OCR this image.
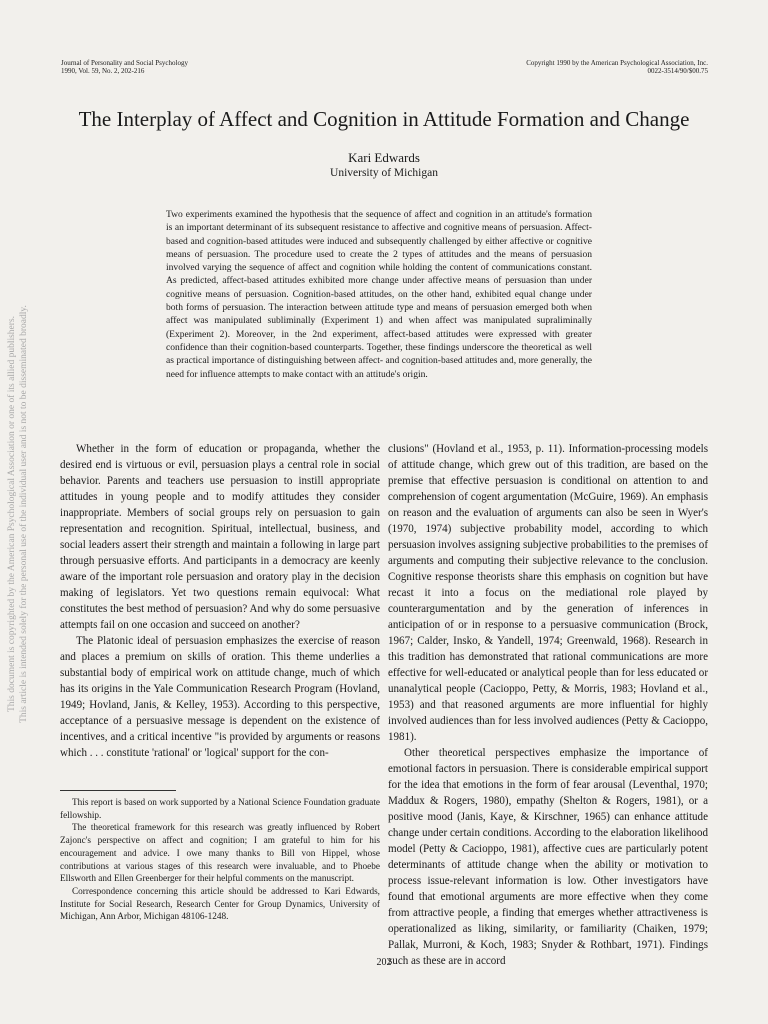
This document is copyrighted by the American Psychological Association or one of its allied publishers. This article is intended solely for the personal use of the individual user and is not to be disseminated broadly.
Journal of Personality and Social Psychology
1990, Vol. 59, No. 2, 202-216
Copyright 1990 by the American Psychological Association, Inc.
0022-3514/90/$00.75
The Interplay of Affect and Cognition in Attitude Formation and Change
Kari Edwards
University of Michigan

Two experiments examined the hypothesis that the sequence of affect and cognition in an attitude's formation is an important determinant of its subsequent resistance to affective and cognitive means of persuasion. Affect-based and cognition-based attitudes were induced and subsequently challenged by either affective or cognitive means of persuasion. The procedure used to create the 2 types of attitudes and the means of persuasion involved varying the sequence of affect and cognition while holding the content of communications constant. As predicted, affect-based attitudes exhibited more change under affective means of persuasion than under cognitive means of persuasion. Cognition-based attitudes, on the other hand, exhibited equal change under both forms of persuasion. The interaction between attitude type and means of persuasion emerged both when affect was manipulated subliminally (Experiment 1) and when affect was manipulated supraliminally (Experiment 2). Moreover, in the 2nd experiment, affect-based attitudes were expressed with greater confidence than their cognition-based counterparts. Together, these findings underscore the theoretical as well as practical importance of distinguishing between affect- and cognition-based attitudes and, more generally, the need for influence attempts to make contact with an attitude's origin.

Whether in the form of education or propaganda, whether the desired end is virtuous or evil, persuasion plays a central role in social behavior. Parents and teachers use persuasion to instill appropriate attitudes in young people and to modify attitudes they consider inappropriate. Members of social groups rely on persuasion to gain representation and recognition. Spiritual, intellectual, business, and social leaders assert their strength and maintain a following in large part through persuasive efforts. And participants in a democracy are keenly aware of the important role persuasion and oratory play in the decision making of legislators. Yet two questions remain equivocal: What constitutes the best method of persuasion? And why do some persuasive attempts fail on one occasion and succeed on another?

The Platonic ideal of persuasion emphasizes the exercise of reason and places a premium on skills of oration. This theme underlies a substantial body of empirical work on attitude change, much of which has its origins in the Yale Communication Research Program (Hovland, 1949; Hovland, Janis, & Kelley, 1953). According to this perspective, acceptance of a persuasive message is dependent on the existence of incentives, and a critical incentive "is provided by arguments or reasons which . . . constitute 'rational' or 'logical' support for the con-

clusions" (Hovland et al., 1953, p. 11). Information-processing models of attitude change, which grew out of this tradition, are based on the premise that effective persuasion is conditional on attention to and comprehension of cogent argumentation (McGuire, 1969). An emphasis on reason and the evaluation of arguments can also be seen in Wyer's (1970, 1974) subjective probability model, according to which persuasion involves assigning subjective probabilities to the premises of arguments and computing their subjective relevance to the conclusion. Cognitive response theorists share this emphasis on cognition but have recast it into a focus on the mediational role played by counterargumentation and by the generation of inferences in anticipation of or in response to a persuasive communication (Brock, 1967; Calder, Insko, & Yandell, 1974; Greenwald, 1968). Research in this tradition has demonstrated that rational communications are more effective for well-educated or analytical people than for less educated or unanalytical people (Cacioppo, Petty, & Morris, 1983; Hovland et al., 1953) and that reasoned arguments are more influential for highly involved audiences than for less involved audiences (Petty & Cacioppo, 1981).

Other theoretical perspectives emphasize the importance of emotional factors in persuasion. There is considerable empirical support for the idea that emotions in the form of fear arousal (Leventhal, 1970; Maddux & Rogers, 1980), empathy (Shelton & Rogers, 1981), or a positive mood (Janis, Kaye, & Kirschner, 1965) can enhance attitude change under certain conditions. According to the elaboration likelihood model (Petty & Cacioppo, 1981), affective cues are particularly potent determinants of attitude change when the ability or motivation to process issue-relevant information is low. Other investigators have found that emotional arguments are more effective when they come from attractive people, a finding that emerges whether attractiveness is operationalized as liking, similarity, or familiarity (Chaiken, 1979; Pallak, Murroni, & Koch, 1983; Snyder & Rothbart, 1971). Findings such as these are in accord

This report is based on work supported by a National Science Foundation graduate fellowship.

The theoretical framework for this research was greatly influenced by Robert Zajonc's perspective on affect and cognition; I am grateful to him for his encouragement and advice. I owe many thanks to Bill von Hippel, whose contributions at various stages of this research were invaluable, and to Phoebe Ellsworth and Ellen Greenberger for their helpful comments on the manuscript.

Correspondence concerning this article should be addressed to Kari Edwards, Institute for Social Research, Research Center for Group Dynamics, University of Michigan, Ann Arbor, Michigan 48106-1248.

202
